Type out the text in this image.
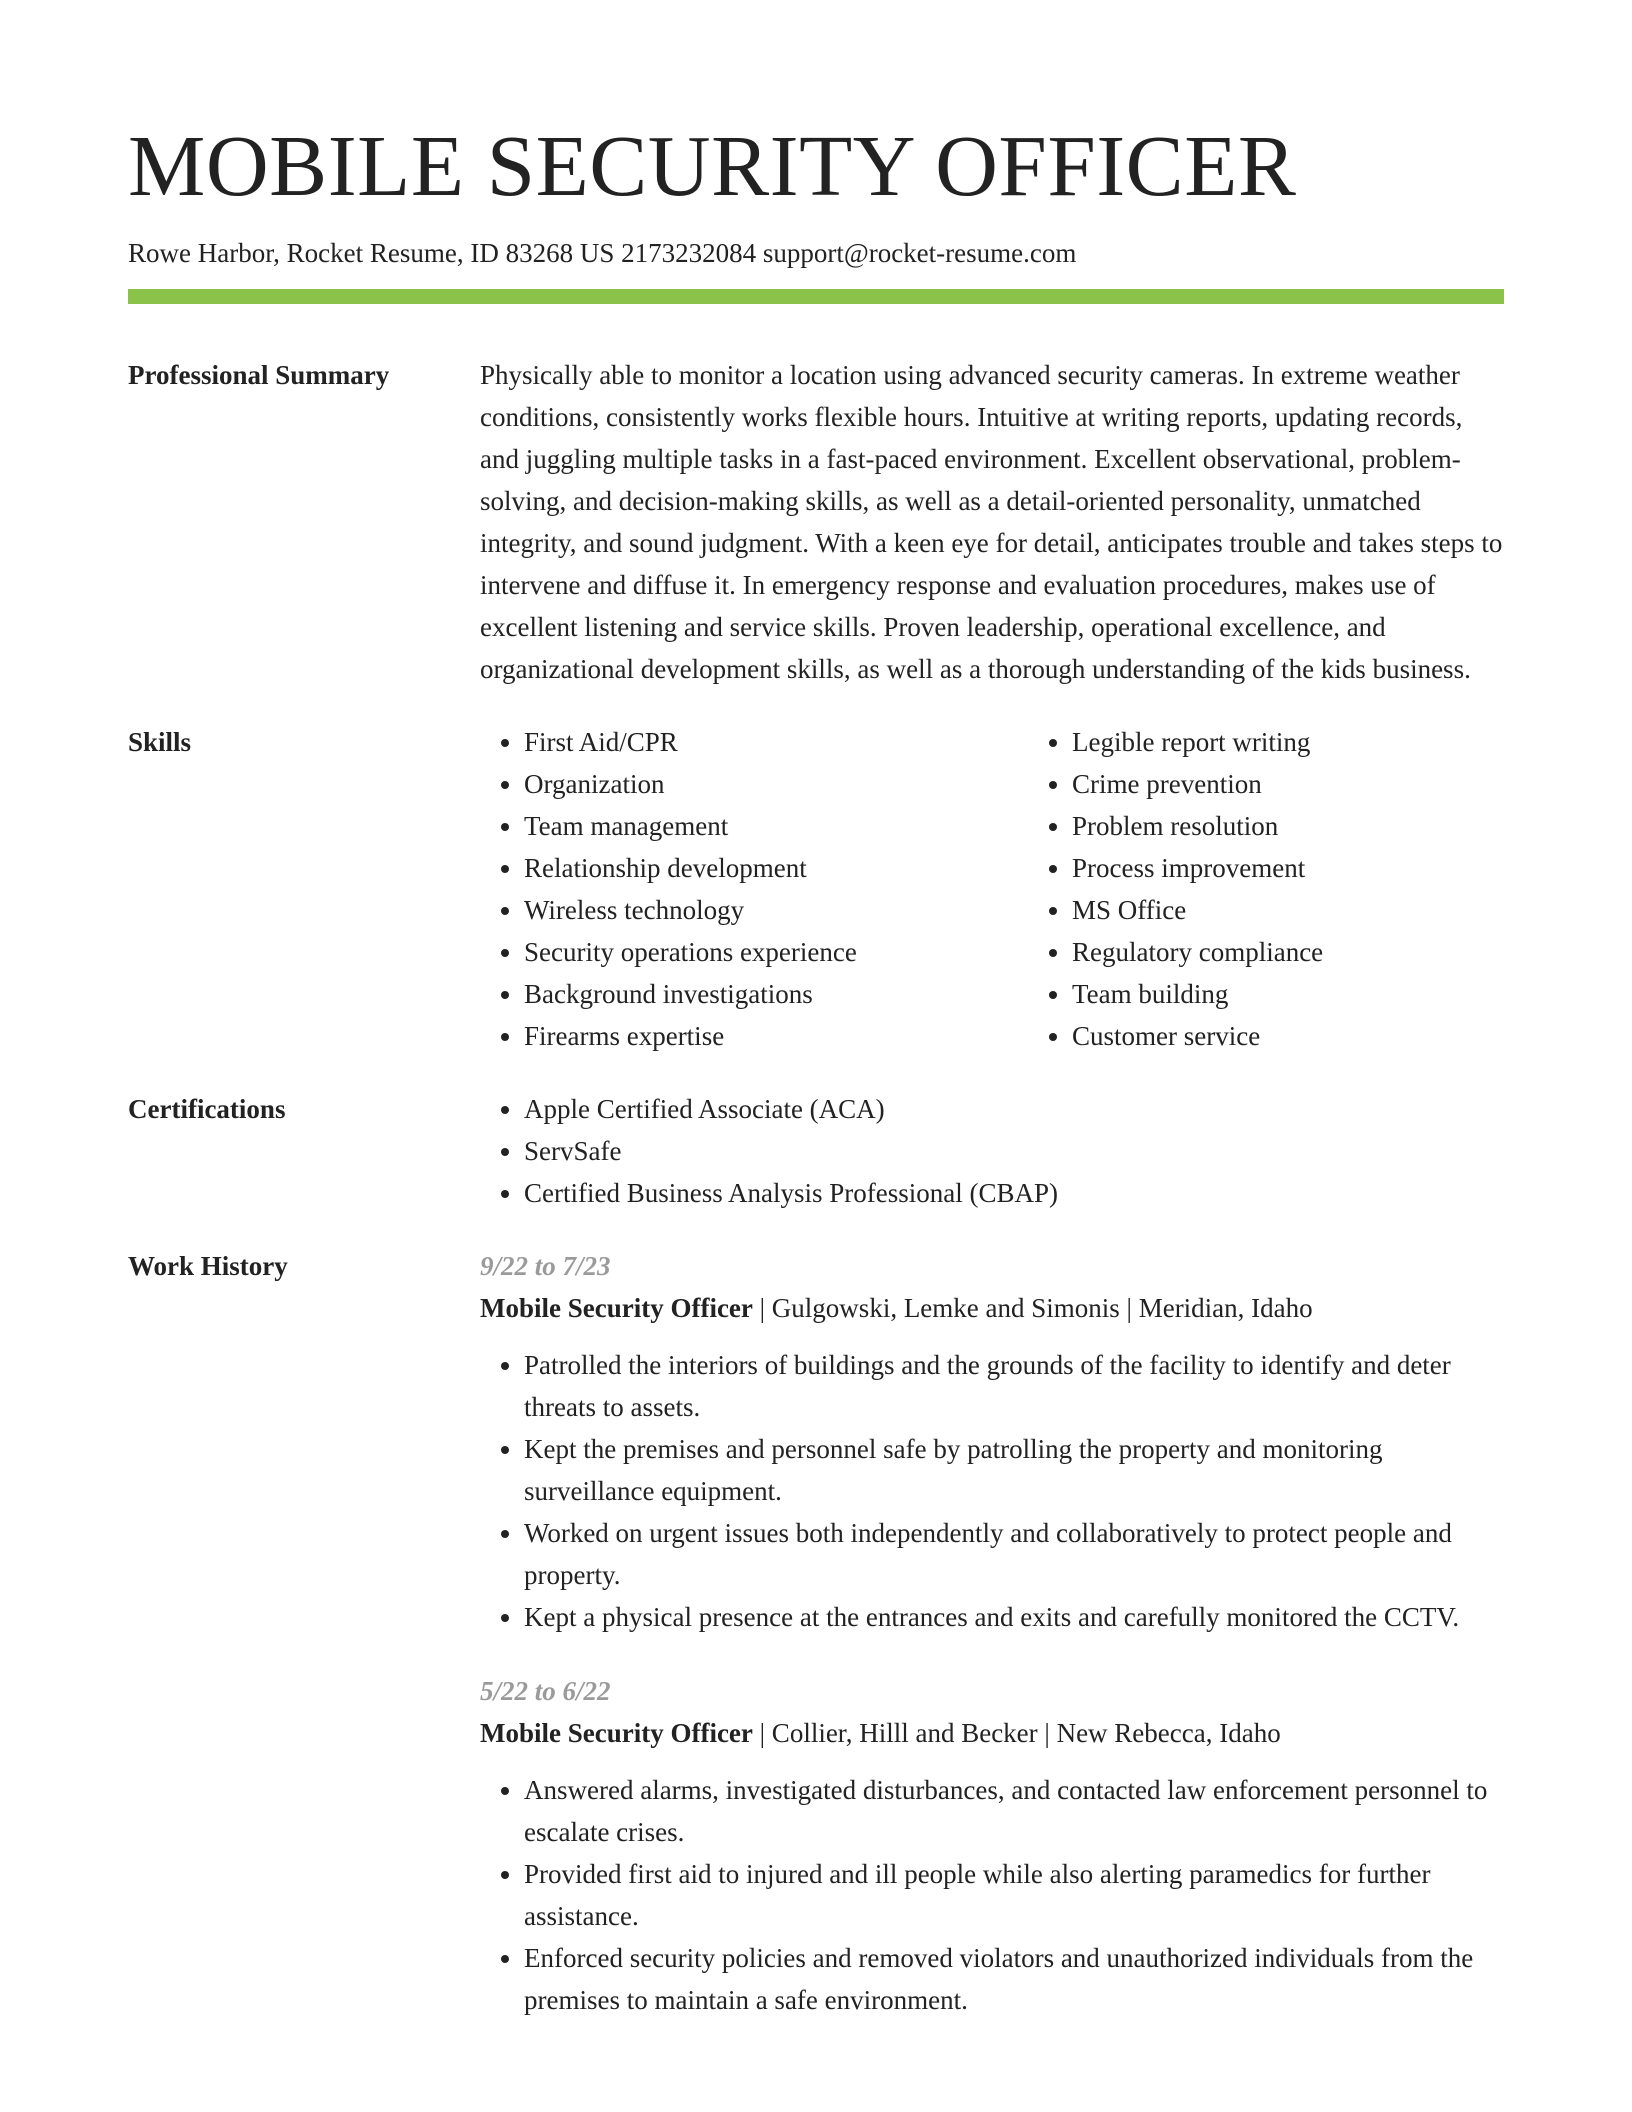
MOBILE SECURITY OFFICER
Rowe Harbor, Rocket Resume, ID 83268 US 2173232084 support@rocket-resume.com
Professional Summary	Physically able to monitor a location using advanced security cameras. In extreme weather conditions, consistently works flexible hours. Intuitive at writing reports, updating records, and juggling multiple tasks in a fast-paced environment. Excellent observational, problem-solving, and decision-making skills, as well as a detail-oriented personality, unmatched integrity, and sound judgment. With a keen eye for detail, anticipates trouble and takes steps to intervene and diffuse it. In emergency response and evaluation procedures, makes use of excellent listening and service skills. Proven leadership, operational excellence, and organizational development skills, as well as a thorough understanding of the kids business.

Skills	• First Aid/CPR
• Organization
• Team management
• Relationship development
• Wireless technology
• Security operations experience
• Background investigations
• Firearms expertise
• Legible report writing
• Crime prevention
• Problem resolution
• Process improvement
• MS Office
• Regulatory compliance
• Team building
• Customer service
Certifications	• Apple Certified Associate (ACA)
• ServSafe
• Certified Business Analysis Professional (CBAP)
Work History	9/22 to 7/23
Mobile Security Officer | Gulgowski, Lemke and Simonis | Meridian, Idaho
• Patrolled the interiors of buildings and the grounds of the facility to identify and deter threats to assets.
• Kept the premises and personnel safe by patrolling the property and monitoring surveillance equipment.
• Worked on urgent issues both independently and collaboratively to protect people and property.
• Kept a physical presence at the entrances and exits and carefully monitored the CCTV.
5/22 to 6/22
Mobile Security Officer | Collier, Hilll and Becker | New Rebecca, Idaho
• Answered alarms, investigated disturbances, and contacted law enforcement personnel to escalate crises.
• Provided first aid to injured and ill people while also alerting paramedics for further assistance.
• Enforced security policies and removed violators and unauthorized individuals from the premises to maintain a safe environment.
